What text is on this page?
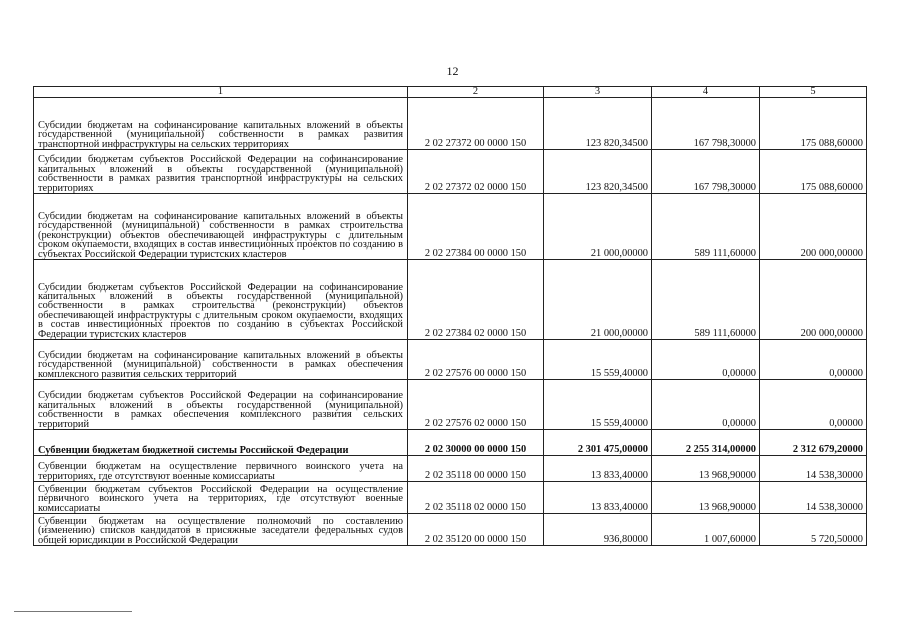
12
1	2	3	4	5
Субсидии бюджетам на софинансирование капитальных вложений в объекты государственной (муниципальной) собственности в рамках развития транспортной инфраструктуры на сельских территориях	2 02 27372 00 0000 150	123 820,34500	167 798,30000	175 088,60000
Субсидии бюджетам субъектов Российской Федерации на софинансирование капитальных вложений в объекты государственной (муниципальной) собственности в рамках развития транспортной инфраструктуры на сельских территориях	2 02 27372 02 0000 150	123 820,34500	167 798,30000	175 088,60000
Субсидии бюджетам на софинансирование капитальных вложений в объекты государственной (муниципальной) собственности в рамках строительства (реконструкции) объектов обеспечивающей инфраструктуры с длительным сроком окупаемости, входящих в состав инвестиционных проектов по созданию в субъектах Российской Федерации туристских кластеров	2 02 27384 00 0000 150	21 000,00000	589 111,60000	200 000,00000
Субсидии бюджетам субъектов Российской Федерации на софинансирование капитальных вложений в объекты государственной (муниципальной) собственности в рамках строительства (реконструкции) объектов обеспечивающей инфраструктуры с длительным сроком окупаемости, входящих в состав инвестиционных проектов по созданию в субъектах Российской Федерации туристских кластеров	2 02 27384 02 0000 150	21 000,00000	589 111,60000	200 000,00000
Субсидии бюджетам на софинансирование капитальных вложений в объекты государственной (муниципальной) собственности в рамках обеспечения комплексного развития сельских территорий	2 02 27576 00 0000 150	15 559,40000	0,00000	0,00000
Субсидии бюджетам субъектов Российской Федерации на софинансирование капитальных вложений в объекты государственной (муниципальной) собственности в рамках обеспечения комплексного развития сельских территорий	2 02 27576 02 0000 150	15 559,40000	0,00000	0,00000
Субвенции бюджетам бюджетной системы Российской Федерации	2 02 30000 00 0000 150	2 301 475,00000	2 255 314,00000	2 312 679,20000
Субвенции бюджетам на осуществление первичного воинского учета на территориях, где отсутствуют военные комиссариаты	2 02 35118 00 0000 150	13 833,40000	13 968,90000	14 538,30000
Субвенции бюджетам субъектов Российской Федерации на осуществление первичного воинского учета на территориях, где отсутствуют военные комиссариаты	2 02 35118 02 0000 150	13 833,40000	13 968,90000	14 538,30000
Субвенции бюджетам на осуществление полномочий по составлению (изменению) списков кандидатов в присяжные заседатели федеральных судов общей юрисдикции в Российской Федерации	2 02 35120 00 0000 150	936,80000	1 007,60000	5 720,50000
